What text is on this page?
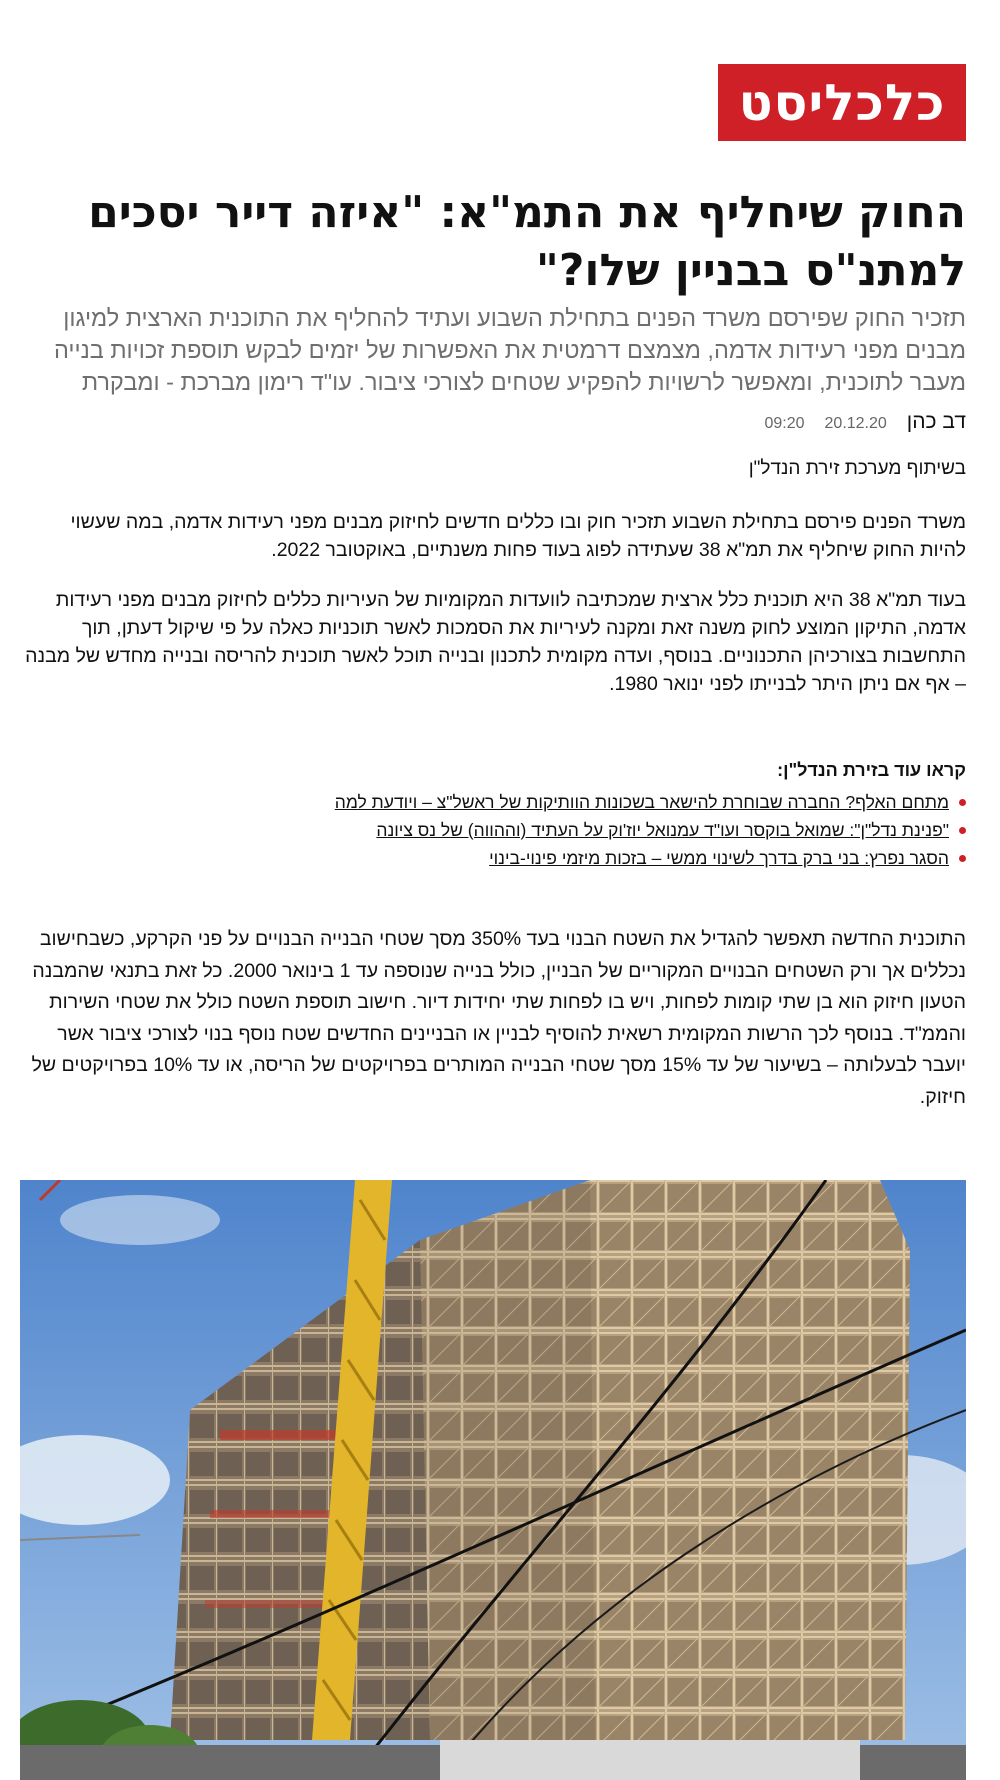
כלכליסט
החוק שיחליף את התמ"א: "איזה דייר יסכים למתנ"ס בבניין שלו?"

תזכיר החוק שפירסם משרד הפנים בתחילת השבוע ועתיד להחליף את התוכנית הארצית למיגון מבנים מפני רעידות אדמה, מצמצם דרמטית את האפשרות של יזמים לבקש תוספת זכויות בנייה מעבר לתוכנית, ומאפשר לרשויות להפקיע שטחים לצורכי ציבור. עו"ד רימון מברכת - ומבקרת

דב כהן
20.12.20
09:20

בשיתוף מערכת זירת הנדל"ן

משרד הפנים פירסם בתחילת השבוע תזכיר חוק ובו כללים חדשים לחיזוק מבנים מפני רעידות אדמה, במה שעשוי להיות החוק שיחליף את תמ"א 38 שעתידה לפוג בעוד פחות משנתיים, באוקטובר 2022.

בעוד תמ"א 38 היא תוכנית כלל ארצית שמכתיבה לוועדות המקומיות של העיריות כללים לחיזוק מבנים מפני רעידות אדמה, התיקון המוצע לחוק משנה זאת ומקנה לעיריות את הסמכות לאשר תוכניות כאלה על פי שיקול דעתן, תוך התחשבות בצורכיהן התכנוניים. בנוסף, ועדה מקומית לתכנון ובנייה תוכל לאשר תוכנית להריסה ובנייה מחדש של מבנה – אף אם ניתן היתר לבנייתו לפני ינואר 1980.

קראו עוד בזירת הנדל"ן:
מתחם האלף? החברה שבוחרת להישאר בשכונות הוותיקות של ראשל"צ – ויודעת למה
"פנינת נדל"ן": שמואל בוקסר ועו"ד עמנואל יוז'וק על העתיד (וההווה) של נס ציונה
הסגר נפרץ: בני ברק בדרך לשינוי ממשי – בזכות מיזמי פינוי-בינוי

התוכנית החדשה תאפשר להגדיל את השטח הבנוי בעד 350% מסך שטחי הבנייה הבנויים על פני הקרקע, כשבחישוב נכללים אך ורק השטחים הבנויים המקוריים של הבניין, כולל בנייה שנוספה עד 1 בינואר 2000. כל זאת בתנאי שהמבנה הטעון חיזוק הוא בן שתי קומות לפחות, ויש בו לפחות שתי יחידות דיור. חישוב תוספת השטח כולל את שטחי השירות והממ"ד. בנוסף לכך הרשות המקומית רשאית להוסיף לבניין או הבניינים החדשים שטח נוסף בנוי לצורכי ציבור אשר יועבר לבעלותה – בשיעור של עד 15% מסך שטחי הבנייה המותרים בפרויקטים של הריסה, או עד 10% בפרויקטים של חיזוק.
